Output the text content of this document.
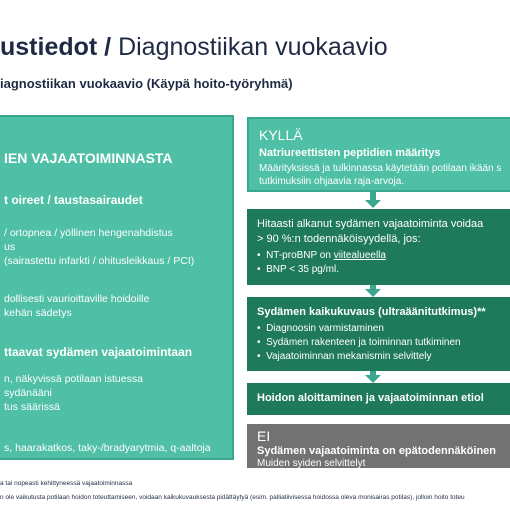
ustiedot / Diagnostiikan vuokaavio
iagnostiikan vuokaavio (Käypä hoito-työryhmä)
IEN VAJAATOIMINNASTA
t oireet / taustasairaudet
/ ortopnea / yöllinen hengenahdistus
us
(sairastettu infarkti / ohitusleikkaus / PCI)
dollisesti vaurioittaville hoidoille
kehän sädetys
ttaavat sydämen vajaatoimintaan
n, näkyvissä potilaan istuessa
sydänääni
tus säärissä
s, haarakatkos, taky-/bradyarytmia, q-aaltoja
KYLLÄ
Natriureettisten peptidien määritys
Määrityksissä ja tulkinnassa käytetään potilaan ikään s
tutkimuksiin ohjaavia raja-arvoja.
Hitaasti alkanut sydämen vajaatoiminta voidaa
> 90 %:n todennäköisyydellä, jos:
•  NT-proBNP on viitealueella
•  BNP < 35 pg/ml.
Sydämen kaikukuvaus (ultraäänitutkimus)**
•  Diagnoosin varmistaminen
•  Sydämen rakenteen ja toiminnan tutkiminen
•  Vajaatoiminnan mekanismin selvittely
Hoidon aloittaminen ja vajaatoiminnan etiol
EI
Sydämen vajaatoiminta on epätodennäköinen
Muiden syiden selvittelyt
a tai nopeasti kehittyneessä vajaatoiminnassa
n ole vaikutusta potilaan hoidon toteuttamiseen, voidaan kaikukuvauksesta pidättäytyä (esim. palliatiivisessa hoidossa oleva monisairas potilas), jolloin hoito toteu
